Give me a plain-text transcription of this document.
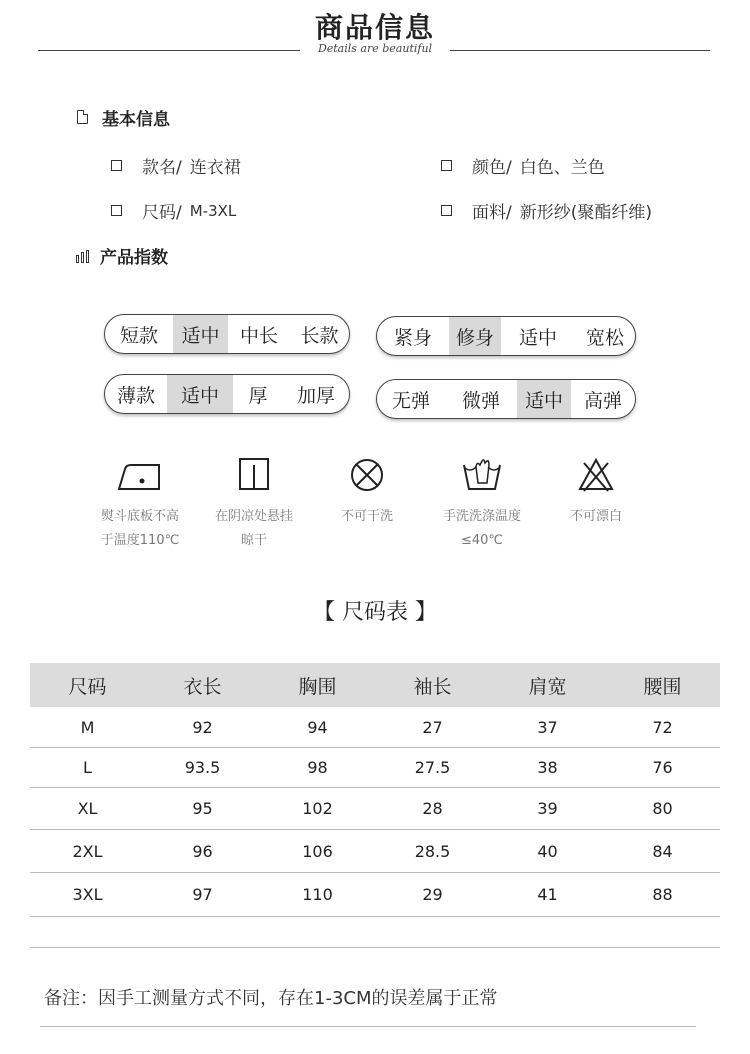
商品信息
Details are beautiful
基本信息
款名/ 连衣裙	颜色/ 白色、兰色
尺码/ M-3XL	面料/ 新形纱(聚酯纤维)
产品指数
短款	适中	中长	长款	紧身	修身	适中	宽松
薄款	适中	厚	加厚	无弹	微弹	适中	高弹
熨斗底板不高
于温度110℃
在阴凉处悬挂
晾干
不可干洗	手洗洗涤温度
≤40℃
不可漂白
【 尺码表 】
尺码	衣长	胸围	袖长	肩宽	腰围
M	92	94	27	37	72
L	93.5	98	27.5	38	76
XL	95	102	28	39	80
2XL	96	106	28.5	40	84
3XL	97	110	29	41	88
备注：因手工测量方式不同，存在1-3CM的误差属于正常
